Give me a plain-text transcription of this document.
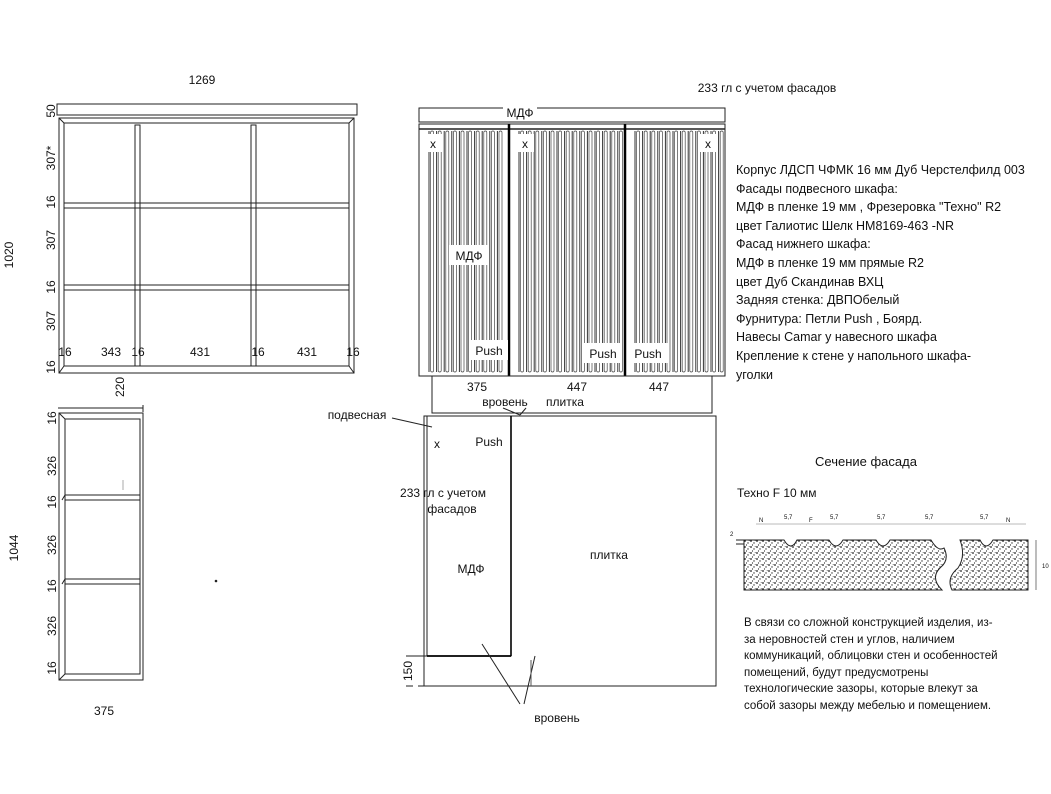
1269
1020
50
307*
16
307
16
307
16
16 343 16	431	16	431 16
220
1044
16
326
16
326
16
326
16
375
233 гл с учетом фасадов
МДФ
x	x	x
МДФ
Push	Push Push
375	447	447
вровень плитка
подвесная
x	Push
233 гл с учетом
фасадов
МДФ
плитка
150
вровень
Сечение фасада
Техно F 10 мм
N	5,7	F	5,7	5,7	5,7	5,7	N
2
10
Корпус ЛДСП ЧФМК 16 мм Дуб Черстелфилд 003
Фасады подвесного шкафа:
МДФ в пленке 19 мм , Фрезеровка "Техно" R2
цвет Галиотис Шелк НМ8169-463 -NR
Фасад нижнего шкафа:
МДФ в пленке 19 мм прямые R2
цвет Дуб Скандинав ВХЦ
Задняя стенка: ДВПОбелый
Фурнитура: Петли Push , Боярд.
Навесы Camar у навесного шкафа
Крепление к стене у напольного шкафа-
уголки
В связи со сложной конструкцией изделия, из-
за неровностей стен и углов, наличием
коммуникаций, облицовки стен и особенностей
помещений, будут предусмотрены
технологические зазоры, которые влекут за
собой зазоры между мебелью и помещением.
